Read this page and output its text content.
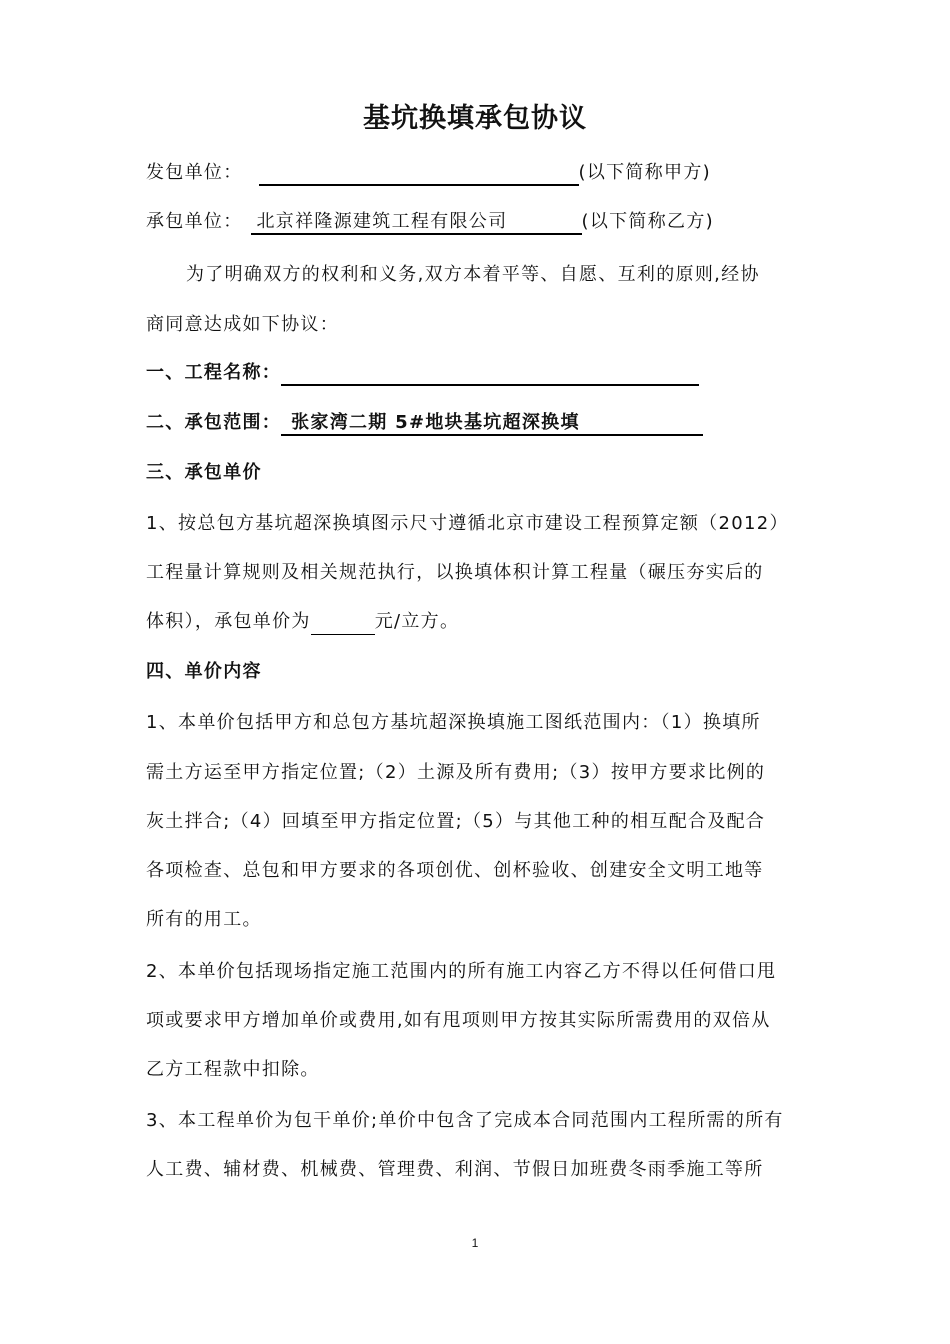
基坑换填承包协议
发包单位：	(以下简称甲方)
承包单位： 北京祥隆源建筑工程有限公司	(以下简称乙方)
为了明确双方的权利和义务,双方本着平等、自愿、互利的原则,经协
商同意达成如下协议：
一、工程名称：
二、承包范围： 张家湾二期 5#地块基坑超深换填
三、承包单价
1、按总包方基坑超深换填图示尺寸遵循北京市建设工程预算定额（2012）
工程量计算规则及相关规范执行，以换填体积计算工程量（碾压夯实后的
体积），承包单价为	元/立方。
四、单价内容
1、本单价包括甲方和总包方基坑超深换填施工图纸范围内：（1）换填所
需土方运至甲方指定位置;（2）土源及所有费用;（3）按甲方要求比例的
灰土拌合;（4）回填至甲方指定位置;（5）与其他工种的相互配合及配合
各项检查、总包和甲方要求的各项创优、创杯验收、创建安全文明工地等
所有的用工。
2、本单价包括现场指定施工范围内的所有施工内容乙方不得以任何借口甩
项或要求甲方增加单价或费用,如有甩项则甲方按其实际所需费用的双倍从
乙方工程款中扣除。
3、本工程单价为包干单价;单价中包含了完成本合同范围内工程所需的所有
人工费、辅材费、机械费、管理费、利润、节假日加班费冬雨季施工等所
1
